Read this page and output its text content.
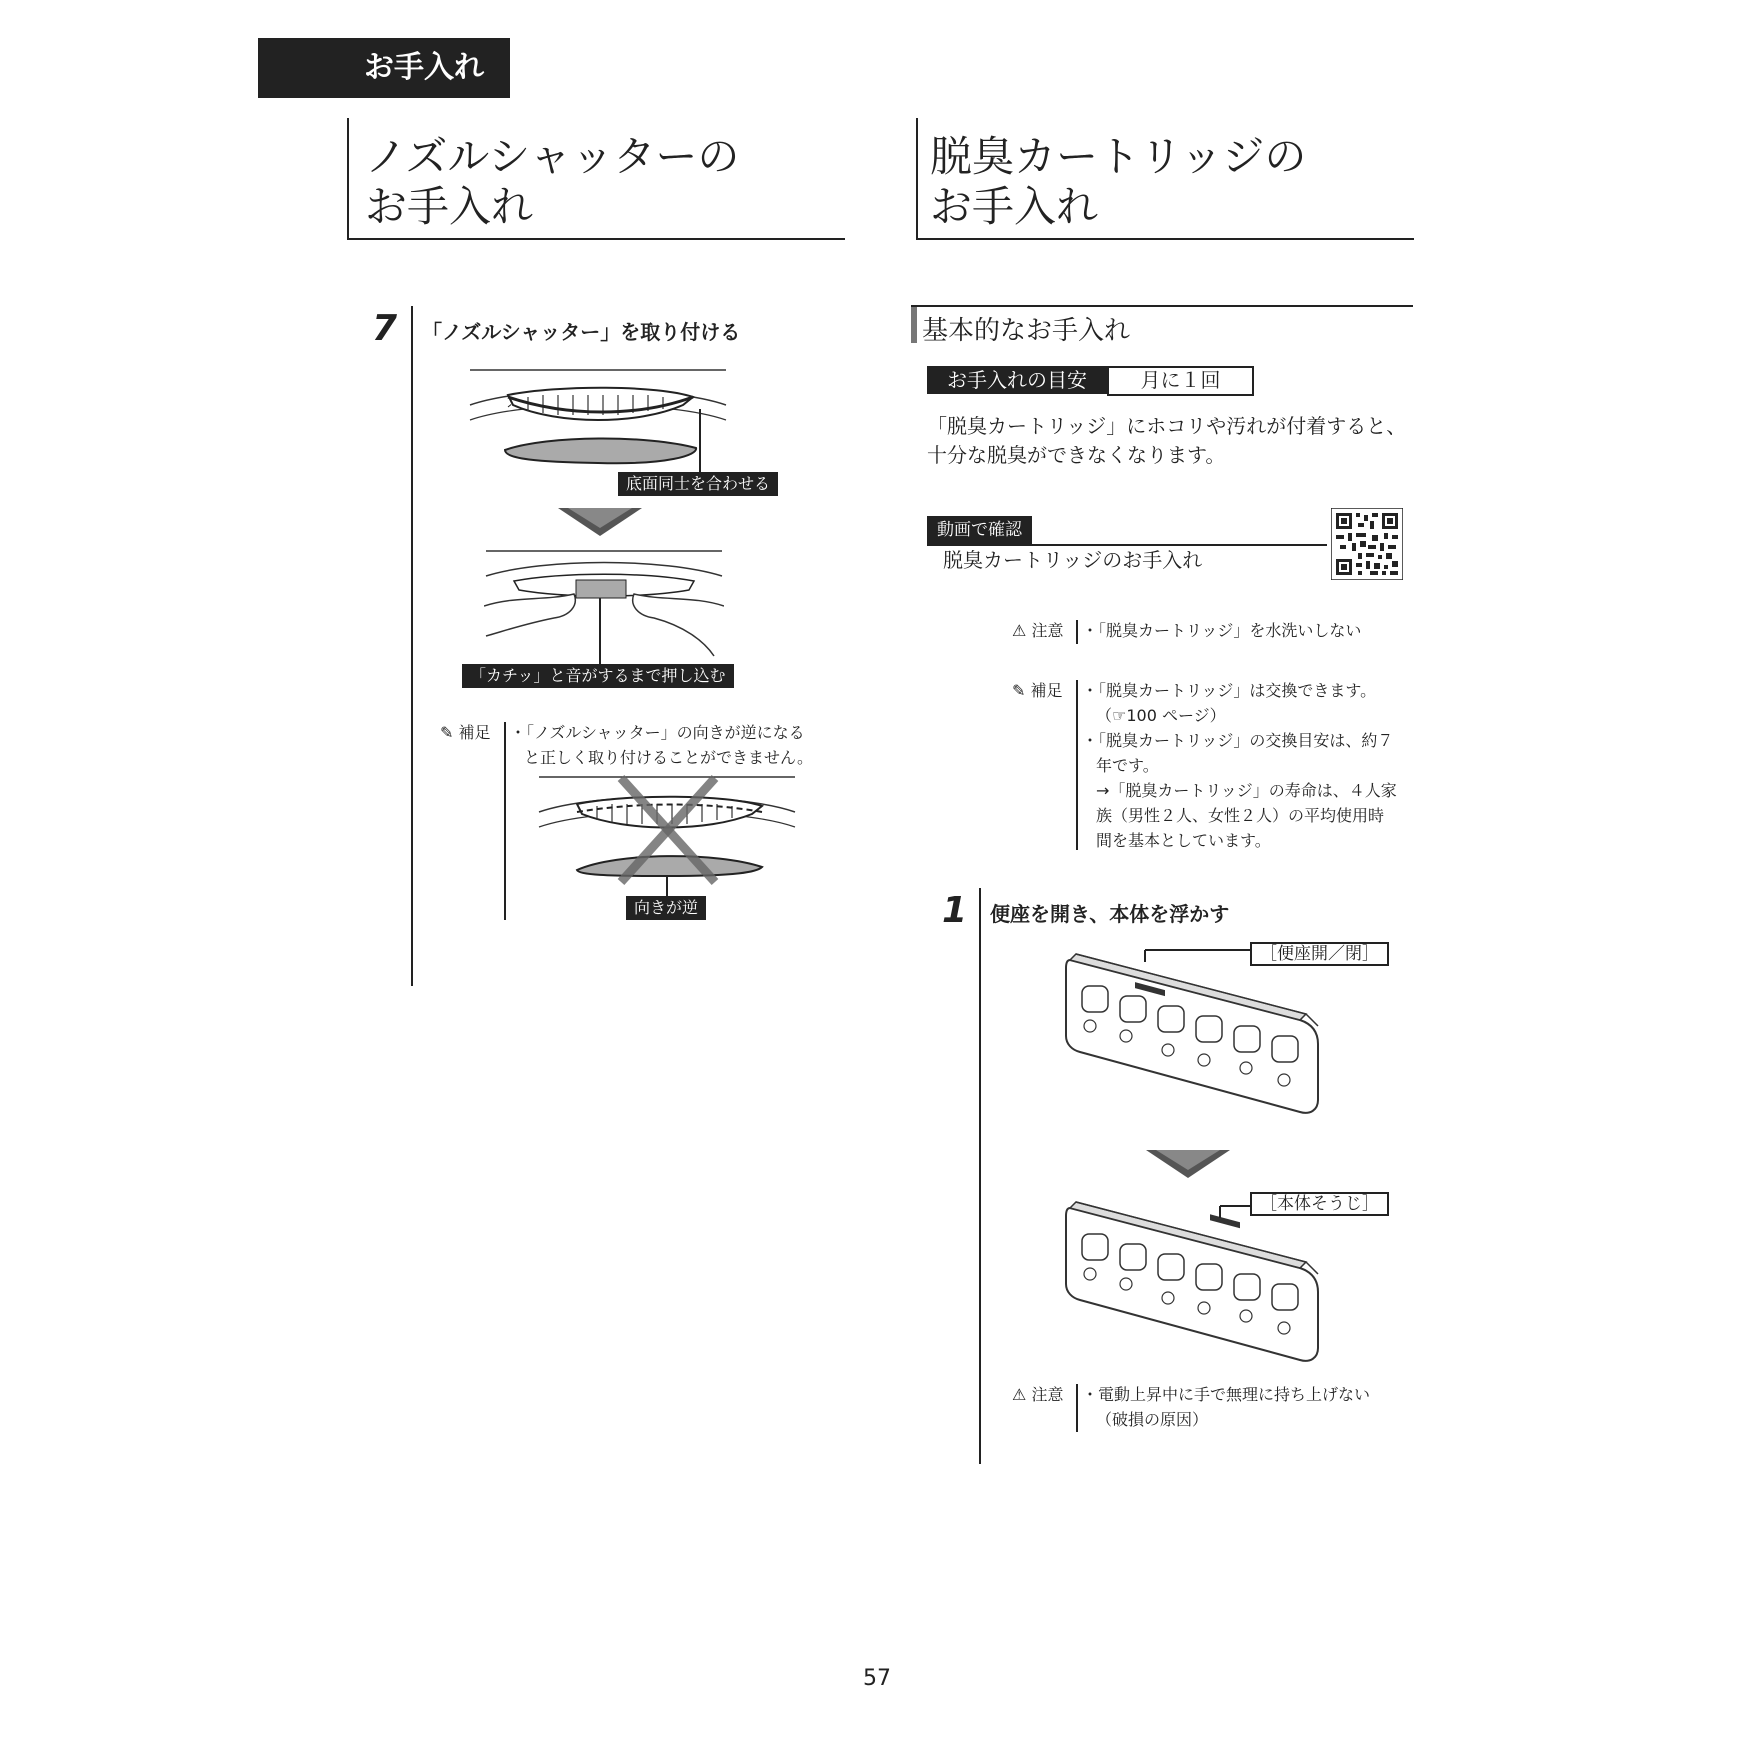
お手入れ
ノズルシャッターの
お手入れ
脱臭カートリッジの
お手入れ
7 「ノズルシャッター」を取り付ける
底面同士を合わせる
「カチッ」と音がするまで押し込む
✎ 補足 ・「ノズルシャッター」の向きが逆になる
と正しく取り付けることができません。
向きが逆
基本的なお手入れ
お手入れの目安	月に１回
「脱臭カートリッジ」にホコリや汚れが付着すると、
十分な脱臭ができなくなります。
動画で確認
脱臭カートリッジのお手入れ
⚠ 注意 ・「脱臭カートリッジ」を水洗いしない
✎ 補足 ・「脱臭カートリッジ」は交換できます。
（☞100 ページ）
・「脱臭カートリッジ」の交換目安は、約７
年です。
→「脱臭カートリッジ」の寿命は、４人家
族（男性２人、女性２人）の平均使用時
間を基本としています。
1 便座を開き、本体を浮かす
［便座開／閉］
［本体そうじ］
⚠ 注意 ・電動上昇中に手で無理に持ち上げない
（破損の原因）
57
